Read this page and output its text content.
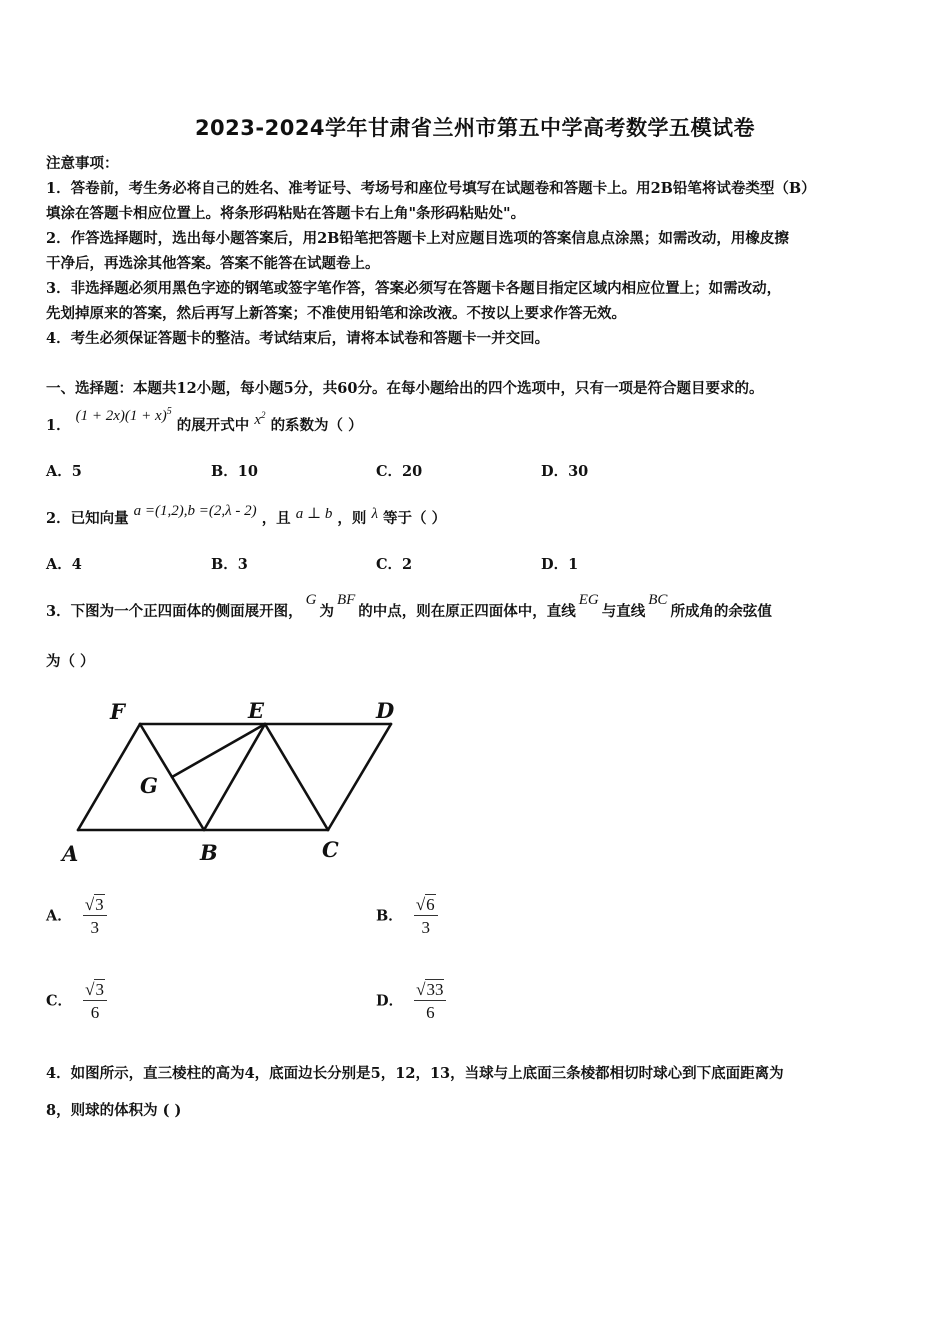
2023-2024学年甘肃省兰州市第五中学高考数学五模试卷
注意事项：
1．答卷前，考生务必将自己的姓名、准考证号、考场号和座位号填写在试题卷和答题卡上。用2B铅笔将试卷类型（B）
填涂在答题卡相应位置上。将条形码粘贴在答题卡右上角"条形码粘贴处"。
2．作答选择题时，选出每小题答案后，用2B铅笔把答题卡上对应题目选项的答案信息点涂黑；如需改动，用橡皮擦
干净后，再选涂其他答案。答案不能答在试题卷上。
3．非选择题必须用黑色字迹的钢笔或签字笔作答，答案必须写在答题卡各题目指定区域内相应位置上；如需改动，
先划掉原来的答案，然后再写上新答案；不准使用铅笔和涂改液。不按以上要求作答无效。
4．考生必须保证答题卡的整洁。考试结束后，请将本试卷和答题卡一并交回。
一、选择题：本题共12小题，每小题5分，共60分。在每小题给出的四个选项中，只有一项是符合题目要求的。
1． $(1 + 2x)(1 + x)^5$ 的展开式中 $x^2$ 的系数为（ ）
A．5	B．10	C．20	D．30
2．已知向量 a =(1,2),b =(2,λ - 2) ，且 a ⊥ b ，则 λ 等于（ ）
A．4	B．3	C．2	D．1
3．下图为一个正四面体的侧面展开图，G为BF的中点，则在原正四面体中，直线EG与直线BC所成角的余弦值
为（ ）
F	E	D
G
A	B	C
A． $\frac{√3}{3}$	B． $\frac{√6}{3}$
C． $\frac{√3}{6}$	D． $\frac{√33}{6}$
4．如图所示，直三棱柱的高为4，底面边长分别是5，12，13，当球与上底面三条棱都相切时球心到下底面距离为
8，则球的体积为 ( )
